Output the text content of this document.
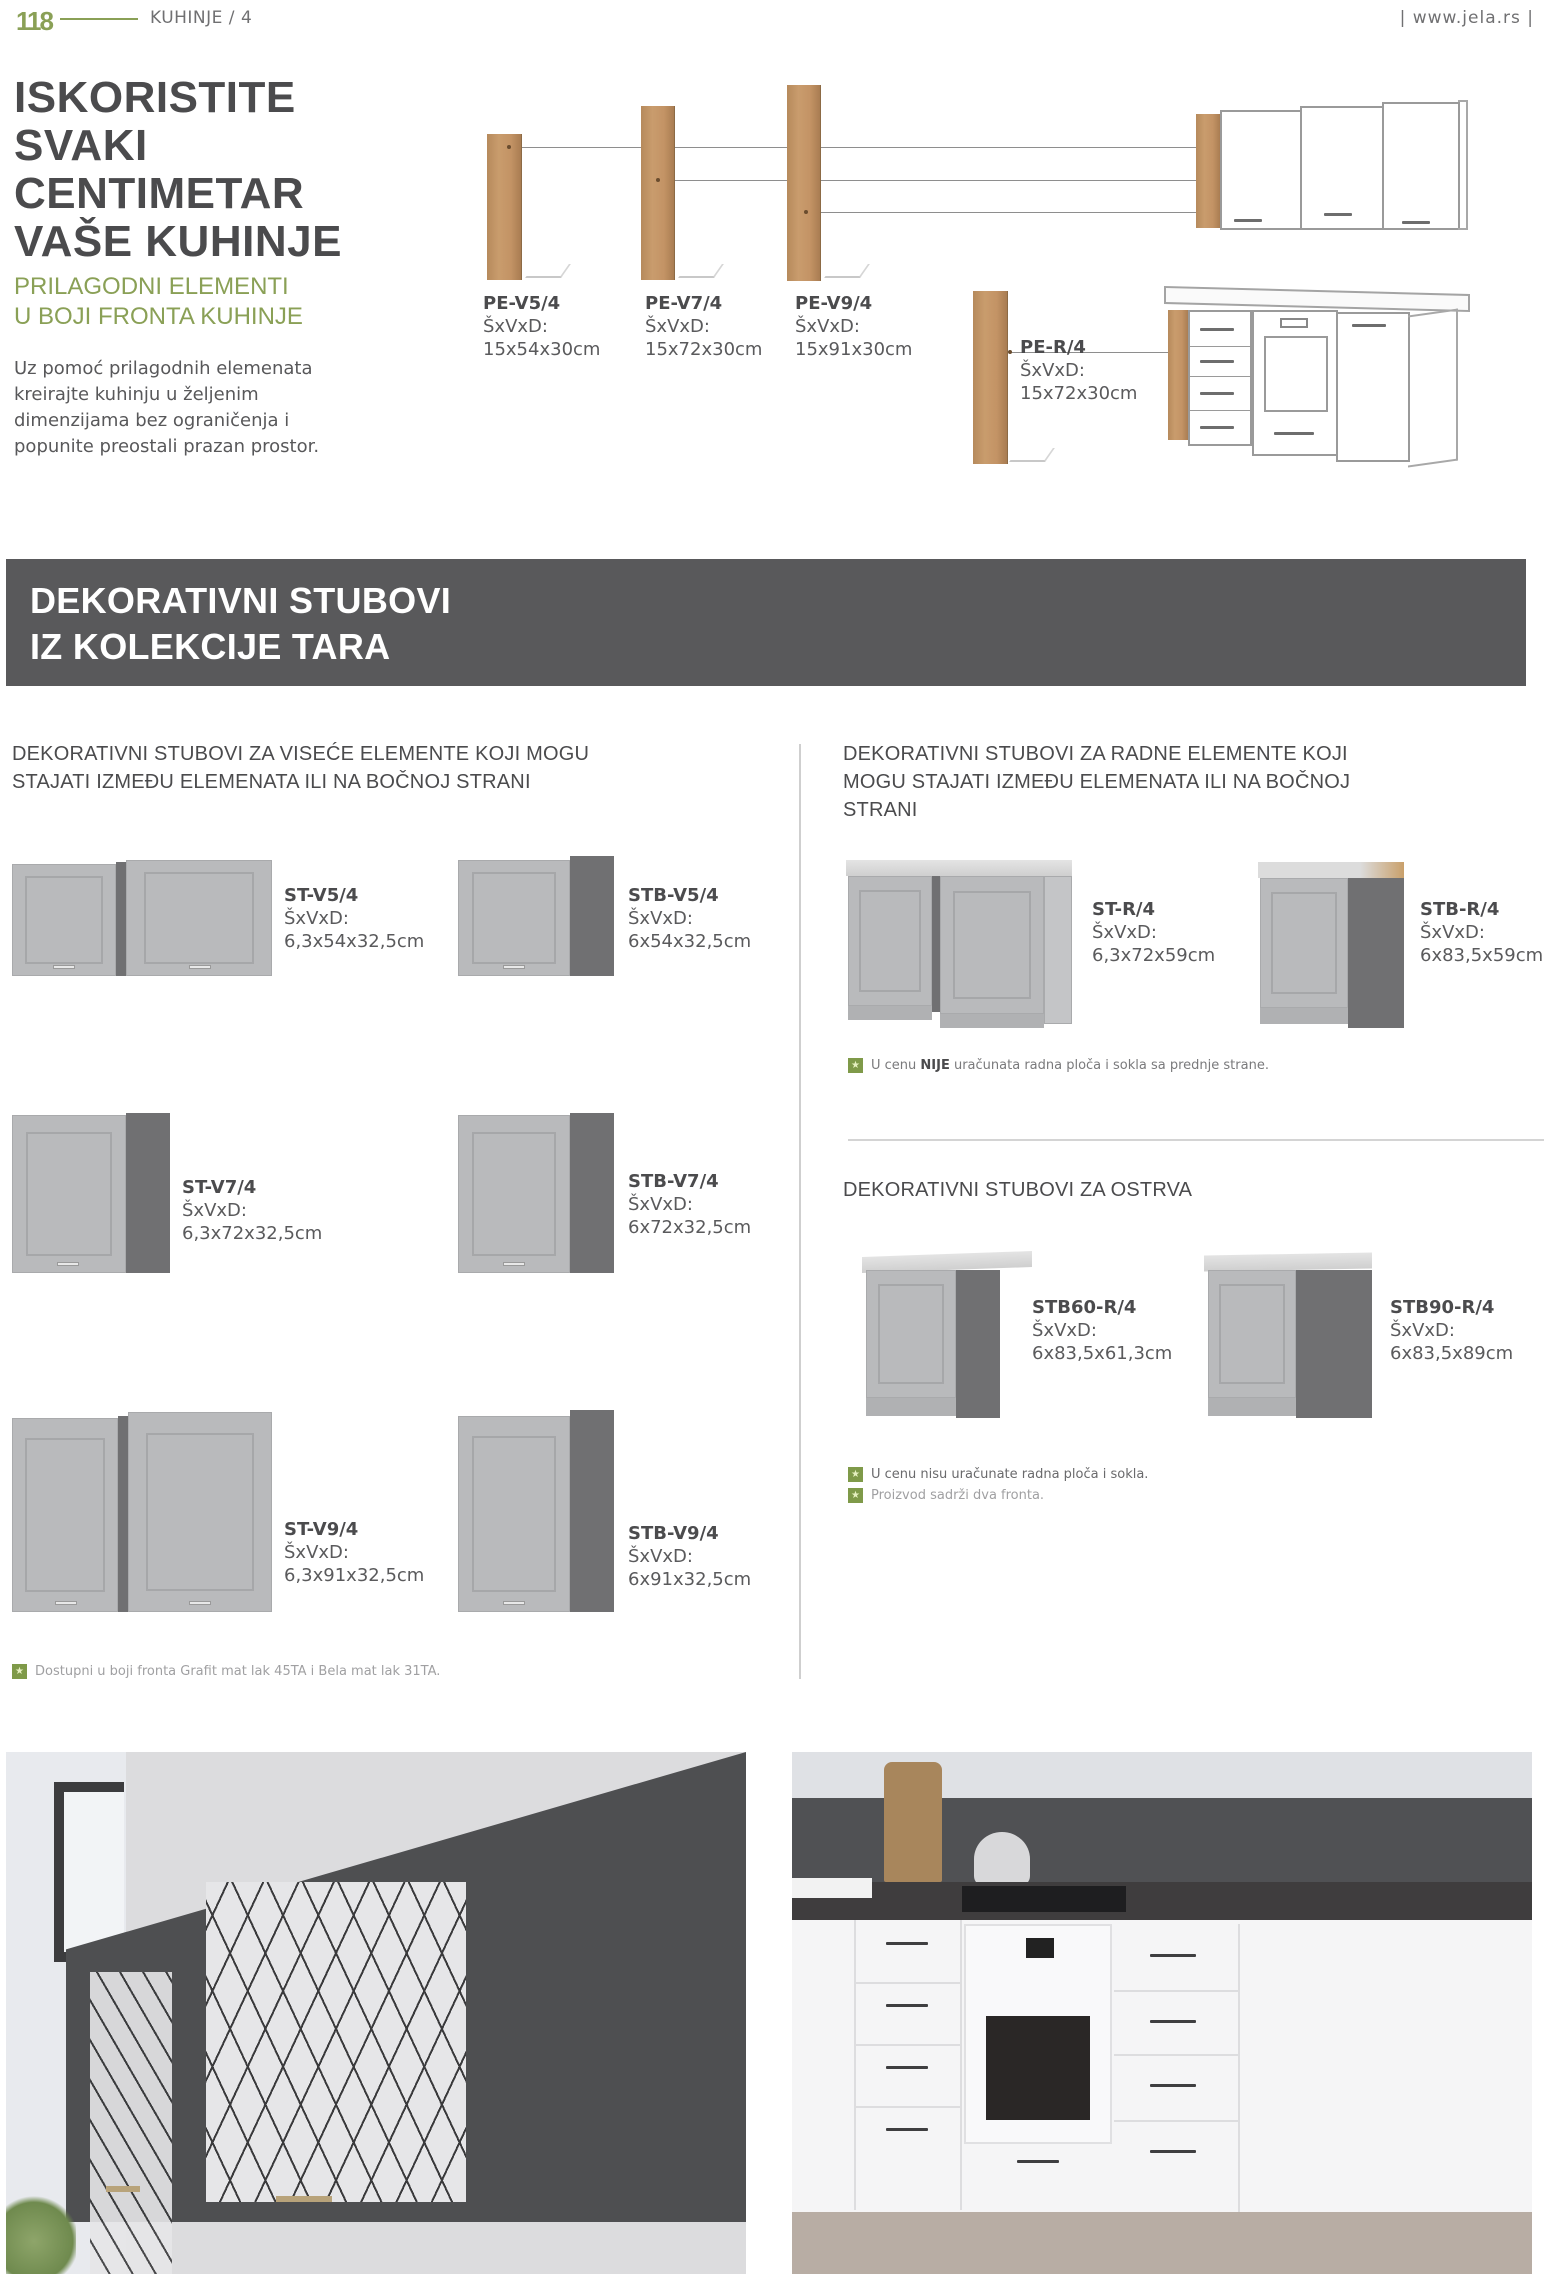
118	KUHINJE / 4	| www.jela.rs |
ISKORISTITE
SVAKI
CENTIMETAR
VAŠE KUHINJE
PRILAGODNI ELEMENTI
U BOJI FRONTA KUHINJE
Uz pomoć prilagodnih elemenata
kreirajte kuhinju u željenim
dimenzijama bez ograničenja i
popunite preostali prazan prostor.
PE-V5/4
ŠxVxD:
15x54x30cm
PE-V7/4
ŠxVxD:
15x72x30cm
PE-V9/4
ŠxVxD:
15x91x30cm	PE-R/4
ŠxVxD:
15x72x30cm
DEKORATIVNI STUBOVI
IZ KOLEKCIJE TARA
DEKORATIVNI STUBOVI ZA VISEĆE ELEMENTE KOJI MOGU
STAJATI IZMEĐU ELEMENATA ILI NA BOČNOJ STRANI
ST-V5/4
ŠxVxD:
6,3x54x32,5cm
STB-V5/4
ŠxVxD:
6x54x32,5cm
ST-V7/4
ŠxVxD:
6,3x72x32,5cm
STB-V7/4
ŠxVxD:
6x72x32,5cm
ST-V9/4
ŠxVxD:
6,3x91x32,5cm
STB-V9/4
ŠxVxD:
6x91x32,5cm
★ Dostupni u boji fronta Grafit mat lak 45TA i Bela mat lak 31TA.
DEKORATIVNI STUBOVI ZA RADNE ELEMENTE KOJI
MOGU STAJATI IZMEĐU ELEMENATA ILI NA BOČNOJ
STRANI
ST-R/4
ŠxVxD:
6,3x72x59cm
STB-R/4
ŠxVxD:
6x83,5x59cm
★ U cenu NIJE uračunata radna ploča i sokla sa prednje strane.
DEKORATIVNI STUBOVI ZA OSTRVA
STB60-R/4
ŠxVxD:
6x83,5x61,3cm
STB90-R/4
ŠxVxD:
6x83,5x89cm
★ U cenu nisu uračunate radna ploča i sokla.
★ Proizvod sadrži dva fronta.
